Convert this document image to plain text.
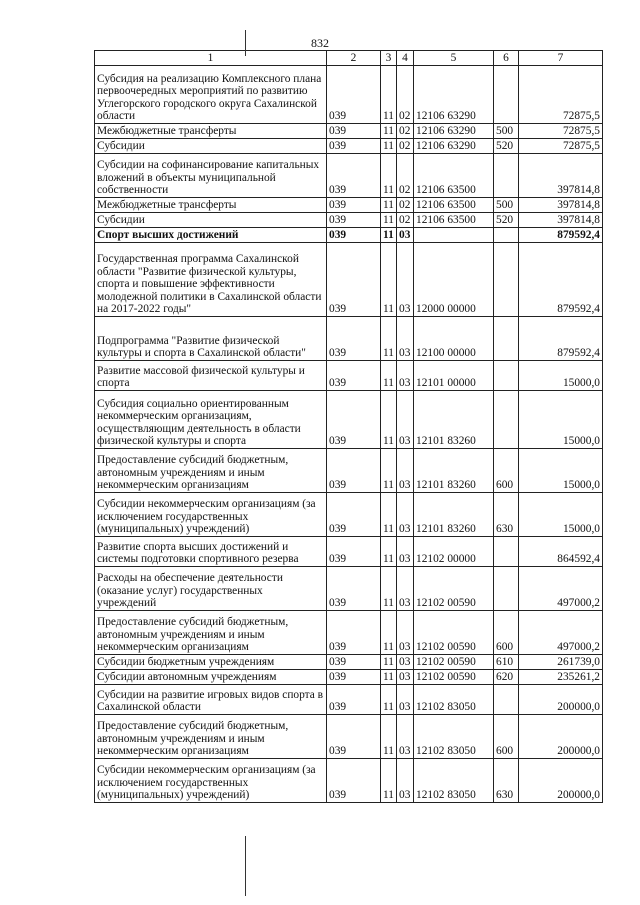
832
1	2	3	4	5	6	7
Субсидия на реализацию Комплексного плана первоочередных мероприятий по развитию Углегорского городского округа Сахалинской области	039	11	02	12106 63290		72875,5
Межбюджетные трансферты	039	11	02	12106 63290	500	72875,5
Субсидии	039	11	02	12106 63290	520	72875,5
Субсидии на софинансирование капитальных вложений в объекты муниципальной собственности	039	11	02	12106 63500		397814,8
Межбюджетные трансферты	039	11	02	12106 63500	500	397814,8
Субсидии	039	11	02	12106 63500	520	397814,8
Спорт высших достижений	039	11	03			879592,4
Государственная программа Сахалинской области "Развитие физической культуры, спорта и повышение эффективности молодежной политики в Сахалинской области на 2017-2022 годы"	039	11	03	12000 00000		879592,4
Подпрограмма "Развитие физической культуры и спорта в Сахалинской области"	039	11	03	12100 00000		879592,4
Развитие массовой физической культуры и спорта	039	11	03	12101 00000		15000,0
Субсидия социально ориентированным некоммерческим организациям, осуществляющим деятельность в области физической культуры и спорта	039	11	03	12101 83260		15000,0
Предоставление субсидий бюджетным, автономным учреждениям и иным некоммерческим организациям	039	11	03	12101 83260	600	15000,0
Субсидии некоммерческим организациям (за исключением государственных (муниципальных) учреждений)	039	11	03	12101 83260	630	15000,0
Развитие спорта высших достижений и системы подготовки спортивного резерва	039	11	03	12102 00000		864592,4
Расходы на обеспечение деятельности (оказание услуг) государственных учреждений	039	11	03	12102 00590		497000,2
Предоставление субсидий бюджетным, автономным учреждениям и иным некоммерческим организациям	039	11	03	12102 00590	600	497000,2
Субсидии бюджетным учреждениям	039	11	03	12102 00590	610	261739,0
Субсидии автономным учреждениям	039	11	03	12102 00590	620	235261,2
Субсидии на развитие игровых видов спорта в Сахалинской области	039	11	03	12102 83050		200000,0
Предоставление субсидий бюджетным, автономным учреждениям и иным некоммерческим организациям	039	11	03	12102 83050	600	200000,0
Субсидии некоммерческим организациям (за исключением государственных (муниципальных) учреждений)	039	11	03	12102 83050	630	200000,0
